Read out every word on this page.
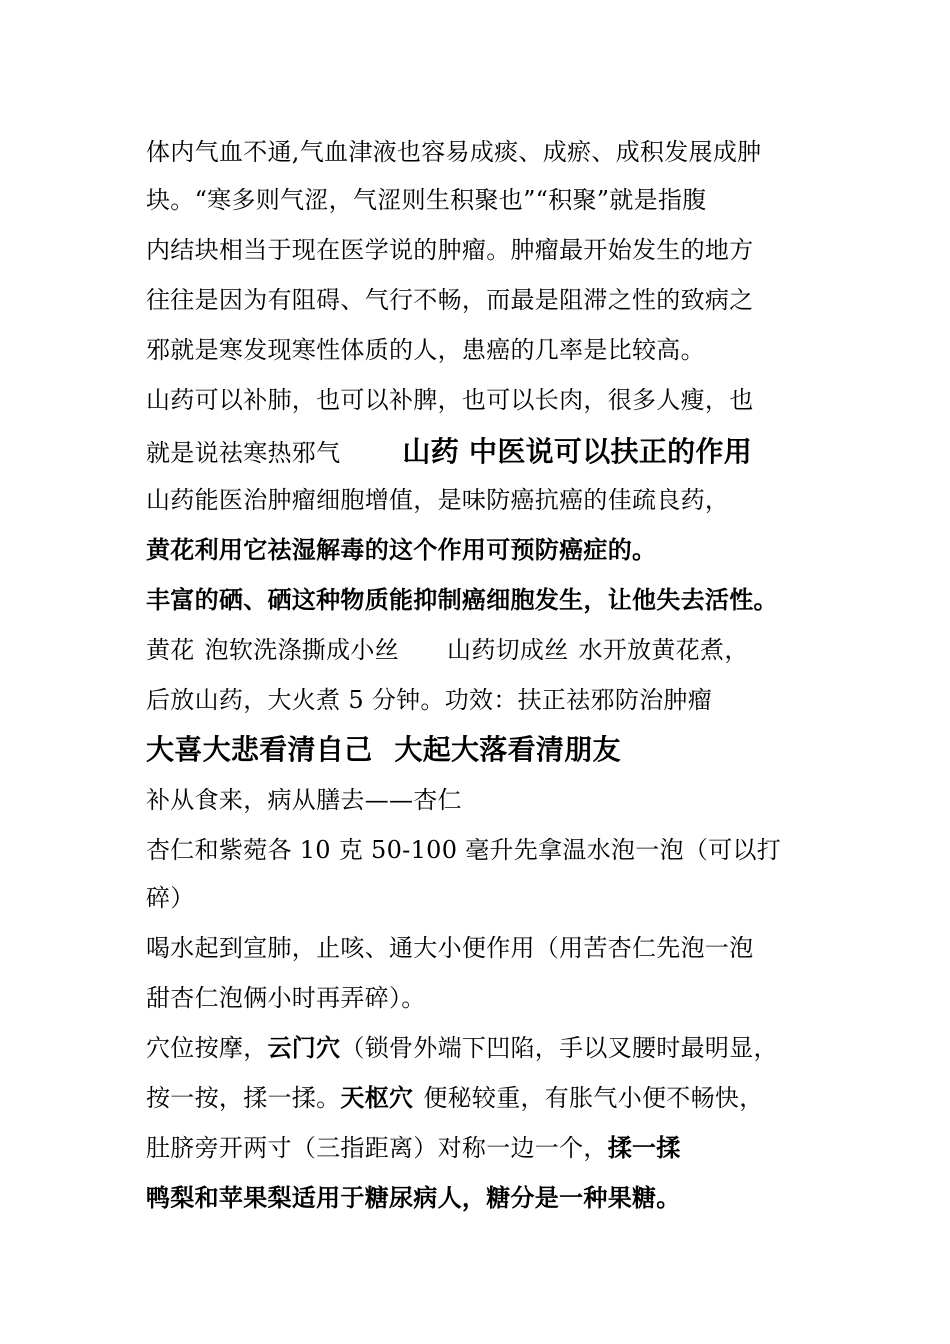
体内气血不通,气血津液也容易成痰、成瘀、成积发展成肿
块。“寒多则气涩，气涩则生积聚也”“积聚”就是指腹
内结块相当于现在医学说的肿瘤。肿瘤最开始发生的地方
往往是因为有阻碍、气行不畅，而最是阻滞之性的致病之
邪就是寒发现寒性体质的人，患癌的几率是比较高。
山药可以补肺，也可以补脾，也可以长肉，很多人瘦，也
就是说祛寒热邪气 山药 中医说可以扶正的作用
山药能医治肿瘤细胞增值，是味防癌抗癌的佳疏良药，
黄花利用它祛湿解毒的这个作用可预防癌症的。
丰富的硒、硒这种物质能抑制癌细胞发生，让他失去活性。
黄花 泡软洗涤撕成小丝 山药切成丝 水开放黄花煮，
后放山药，大火煮 5 分钟。功效：扶正祛邪防治肿瘤
大喜大悲看清自己 大起大落看清朋友
补从食来，病从膳去——杏仁
杏仁和紫菀各 10 克 50-100 毫升先拿温水泡一泡（可以打
碎）
喝水起到宣肺，止咳、通大小便作用（用苦杏仁先泡一泡
甜杏仁泡俩小时再弄碎）。
穴位按摩，云门穴（锁骨外端下凹陷，手以叉腰时最明显，
按一按，揉一揉。天枢穴 便秘较重，有胀气小便不畅快，
肚脐旁开两寸（三指距离）对称一边一个，揉一揉
鸭梨和苹果梨适用于糖尿病人，糖分是一种果糖。
